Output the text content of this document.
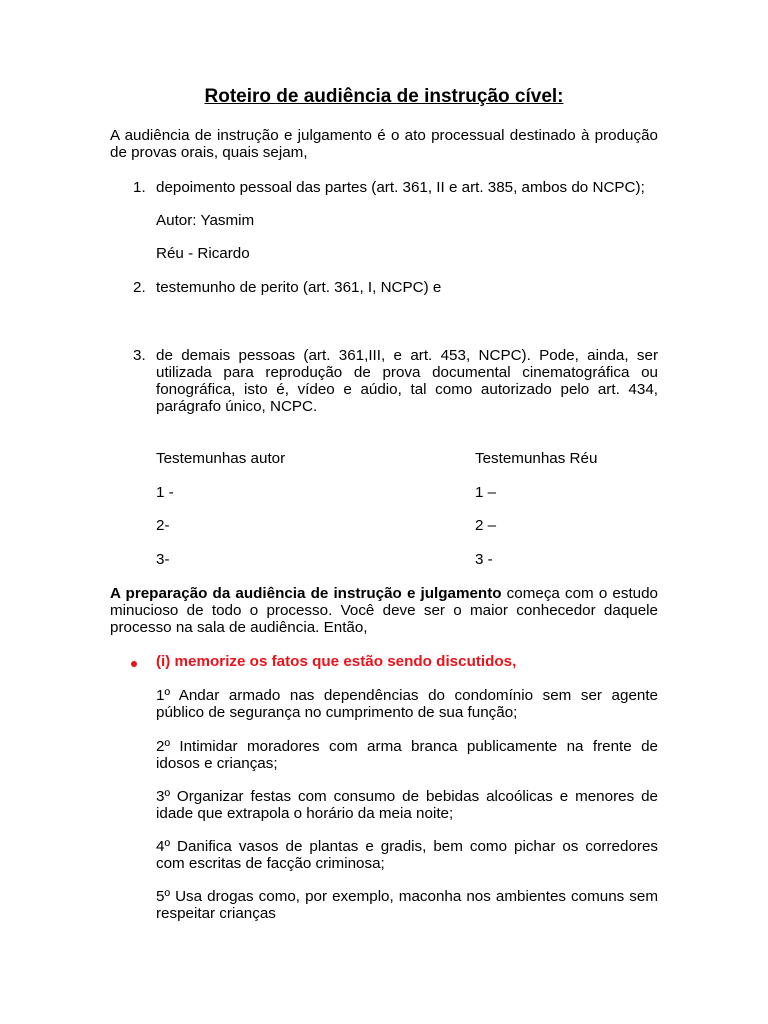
Roteiro de audiência de instrução cível:
A audiência de instrução e julgamento é o ato processual destinado à produção de provas orais, quais sejam,
1. depoimento pessoal das partes (art. 361, II e art. 385, ambos do NCPC);
Autor: Yasmim
Réu - Ricardo
2. testemunho de perito (art. 361, I, NCPC) e
3. de demais pessoas (art. 361,III, e art. 453, NCPC). Pode, ainda, ser utilizada para reprodução de prova documental cinematográfica ou fonográfica, isto é, vídeo e aúdio, tal como autorizado pelo art. 434, parágrafo único, NCPC.
Testemunhas autor	Testemunhas Réu
1 -	1 –
2-	2 –
3-	3 -
A preparação da audiência de instrução e julgamento começa com o estudo minucioso de todo o processo. Você deve ser o maior conhecedor daquele processo na sala de audiência. Então,
(i) memorize os fatos que estão sendo discutidos,
1º Andar armado nas dependências do condomínio sem ser agente público de segurança no cumprimento de sua função;
2º Intimidar moradores com arma branca publicamente na frente de idosos e crianças;
3º Organizar festas com consumo de bebidas alcoólicas e menores de idade que extrapola o horário da meia noite;
4º Danifica vasos de plantas e gradis, bem como pichar os corredores com escritas de facção criminosa;
5º Usa drogas como, por exemplo, maconha nos ambientes comuns sem respeitar crianças
